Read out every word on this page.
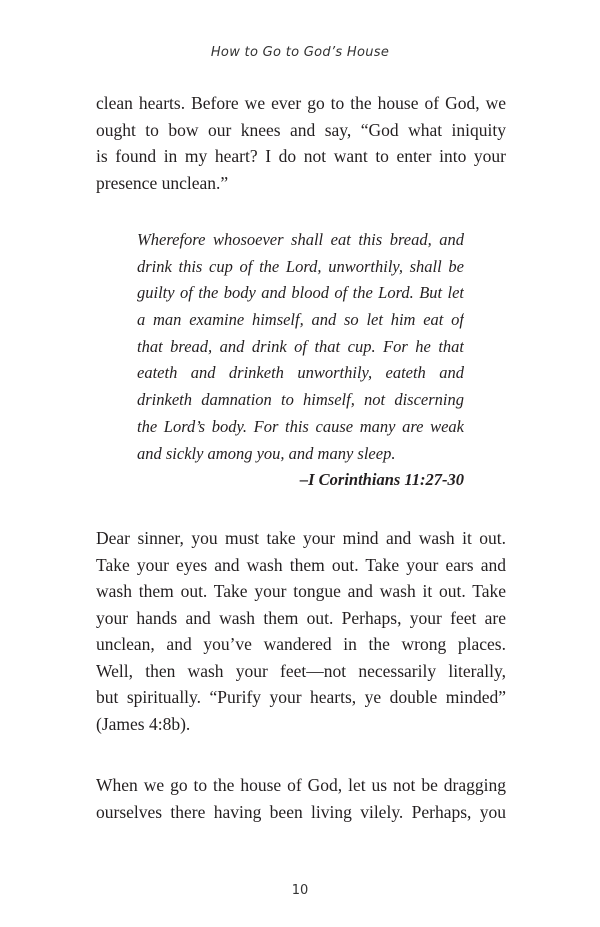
How to Go to God’s House

clean hearts. Before we ever go to the house of God, we
ought to bow our knees and say, “God what iniquity
is found in my heart? I do not want to enter into your
presence unclean.”

Wherefore whosoever shall eat this bread, and
drink this cup of the Lord, unworthily, shall be
guilty of the body and blood of the Lord. But let
a man examine himself, and so let him eat of
that bread, and drink of that cup. For he that
eateth and drinketh unworthily, eateth and
drinketh damnation to himself, not discerning
the Lord’s body. For this cause many are weak
and sickly among you, and many sleep.
–I Corinthians 11:27-30

Dear sinner, you must take your mind and wash it out.
Take your eyes and wash them out. Take your ears and
wash them out. Take your tongue and wash it out. Take
your hands and wash them out. Perhaps, your feet are
unclean, and you’ve wandered in the wrong places.
Well, then wash your feet—not necessarily literally,
but spiritually. “Purify your hearts, ye double minded”
(James 4:8b).

When we go to the house of God, let us not be dragging
ourselves there having been living vilely. Perhaps, you

10
